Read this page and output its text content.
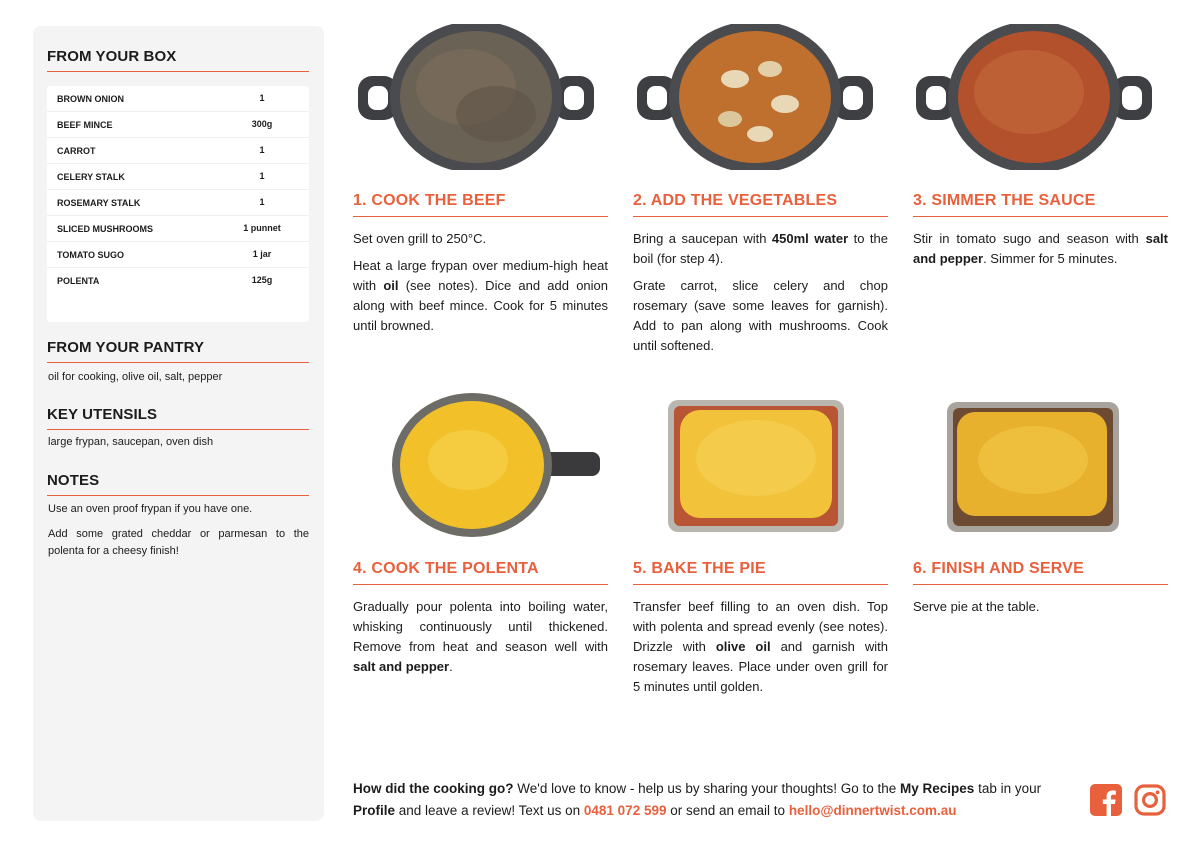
FROM YOUR BOX
BROWN ONION	1
BEEF MINCE	300g
CARROT	1
CELERY STALK	1
ROSEMARY STALK	1
SLICED MUSHROOMS	1 punnet
TOMATO SUGO	1 jar
POLENTA	125g
FROM YOUR PANTRY
oil for cooking, olive oil, salt, pepper
KEY UTENSILS
large frypan, saucepan, oven dish
NOTES
Use an oven proof frypan if you have one.
Add some grated cheddar or parmesan to the polenta for a cheesy finish!
1. COOK THE BEEF

Set oven grill to 250°C.

Heat a large frypan over medium-high heat with oil (see notes). Dice and add onion along with beef mince. Cook for 5 minutes until browned.

2. ADD THE VEGETABLES

Bring a saucepan with 450ml water to the boil (for step 4).

Grate carrot, slice celery and chop rosemary (save some leaves for garnish). Add to pan along with mushrooms. Cook until softened.

3. SIMMER THE SAUCE

Stir in tomato sugo and season with salt and pepper. Simmer for 5 minutes.

4. COOK THE POLENTA

Gradually pour polenta into boiling water, whisking continuously until thickened. Remove from heat and season well with salt and pepper.

5. BAKE THE PIE

Transfer beef filling to an oven dish. Top with polenta and spread evenly (see notes). Drizzle with olive oil and garnish with rosemary leaves. Place under oven grill for 5 minutes until golden.

6. FINISH AND SERVE

Serve pie at the table.

How did the cooking go? We'd love to know - help us by sharing your thoughts! Go to the My Recipes tab in your Profile and leave a review! Text us on 0481 072 599 or send an email to hello@dinnertwist.com.au
